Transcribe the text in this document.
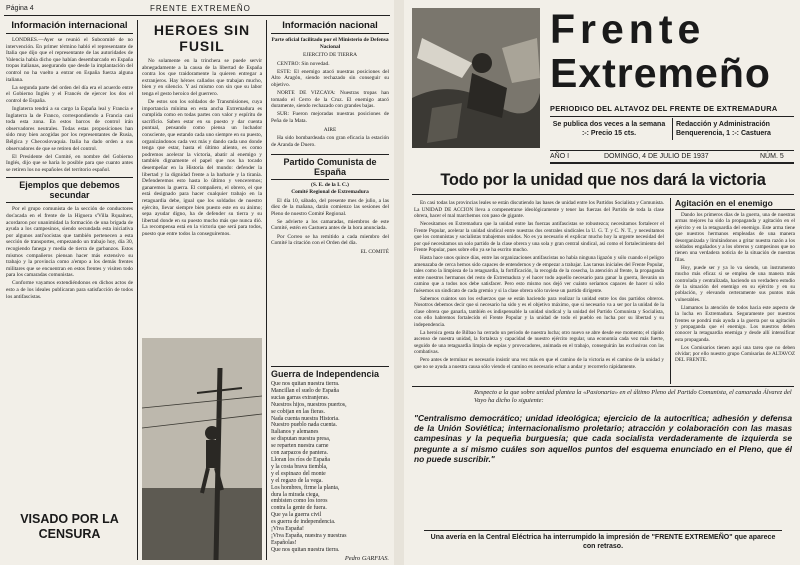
Página 4	FRENTE EXTREMEÑO
Información internacional

LONDRES.—Ayer se reunió el Subcomité de no intervención. En primer término habló el representante de Italia que dijo que el representante de las autoridades de Valencia había dicho que habían desembarcado en España tropas italianas, asegurando que desde la implantación del control no ha vuelto a entrar en España fuerza alguna italiana.

La segunda parte del orden del día era el acuerdo entre el Gobierno Inglés y el Francés de ejercer los dos el control de España.

Inglaterra tendrá a su cargo la España leal y Francia e Inglaterra la de Franco, correspondiendo a Francia casi toda esta zona. En estos barcos de control irán observadores neutrales. Todas estas proposiciones han sido muy bien acogidas por los representantes de Rusia, Bélgica y Checoslovaquia. Italia ha dado orden a sus observadores de que se retiren del control.

El Presidente del Comité, en nombre del Gobierno Inglés, dijo que se haría lo posible para que cuanto antes se retiren los no españoles del territorio español.

Ejemplos que debemos secundar

Por el grupo comunista de la sección de conductores dos'acada en el frente de la Higuera s'Villa Rqualnez, acordaron por unanimidad la formación de una brigada de ayuda a los campesinos, siendo secundada esta iniciativa por algunos anti'socistas que también pertenecen a esta sección de transportes, empezando un trabajo hoy, día 30, recogiendo fanega y media de tierra de garbanzos. Estos mismos compañeros piensan hacer más extensivo su trabajo y la provincia como a'empo a los demás frentes militares que se encuentran en estos frentes y visiten todo para los camaradas comunistas.

Conforme vayamos extendiéndonos en dichos actos de esto a de los ideales publicaran para satisfacción de todos los antifascistas.

VISADO POR LA CENSURA
HEROES SIN FUSIL

No solamente en la trinchera se puede servir abnegadamente a la causa de la libertad de España contra los que traidoramente la quieren entregar a extranjeros. Hay héroes callados que trabajan mucho, bien y en silencio. Y así mismo con sin que su labor tenga el gesto heroico del guerrero.

De estos son los soldados de Transmisiones, cuya importancia mínima en esta ancha Extremadura es cumplida como en todas partes con valor y espíritu de sacrificio. Saben estar en su puesto y dar cuenta puntual, pensando como piensa un luchador consciente, que estando cada uno siempre en su puesto, organizándonos cada vez más y dando cada uno donde tenga que estar, hasta el último aliento, es como podremos acelerar la victoria, abatir al enemigo y también dignamente el papel que nos ha tocado desempeñar en la Historia del mundo: defender la libertad y la dignidad frente a la barbarie y la tiranía. Defenderemos esto hasta lo último y venceremos; ganaremos la guerra. El compañero, el obrero, el que está designado para hacer cualquier trabajo en la retaguardia debe, igual que los soldados de nuestro ejército, llevar siempre bien puesto este en su ánimo; sepa ayudar digno, ha de defender su tierra y su libertad donde en su puesto mucho más que nunca dió. La recompensa está en la victoria que será para todos, puesto que entre todos la conseguiremos.

Información nacional
Parte oficial facilitado por el Ministerio de Defensa Nacional
EJERCITO DE TIERRA

CENTRO: Sin novedad.

ESTE: El enemigo atacó nuestras posiciones del Alto Aragón, siendo rechazado sin conseguir su objetivo.

NORTE DE VIZCAYA: Nuestras tropas han tomado el Cerro de la Cruz. El enemigo atacó duramente, siendo rechazado con grandes bajas.

SUR: Fueron mejoradas nuestras posiciones de Peña de la Mata.

AIRE
Ha sido bombardeada con gran eficacia la estación de Aranda de Duero.
Partido Comunista de España
(S. E. de la I. C.)
Comité Regional de Extremadura

El día 10, sábado, del presente mes de julio, a las diez de la mañana, darán comienzo las sesiones del Pleno de nuestro Comité Regional.

Se advierte a los camaradas, miembros de este Comité, estén en Castuera antes de la hora anunciada.

Por Correo se ha remitido a cada miembro del Comité la citación con el Orden del día.

EL COMITÉ
Guerra de Independencia
Que nos quitan nuestra tierra.
Mancillan el suelo de España
sucias garras extranjeras.
Nuestros hijos, nuestros puertos,
se cobijan en las fieras.
Nada cuenta nuestra Historia.
Nuestro pueblo nada cuenta.
Italianos y alemanes
se disputan nuestra presa,
se reparten nuestra carne
con zarpazos de pantera.
Lloran los ríos de España
y la costa brava tiembla,
y el espinazo del monte
y el regazo de la vega.
Los hombres, firme la planta,
dura la mirada ciega,
embisten como los toros
contra la gente de fuera.
Que ya la guerra civil
es guerra de independencia.
¡Viva España!
¡Viva España, nuestra y nuestras
Españolas!
Que nos quitan nuestra tierra.
Pedro GARFIAS.
Frente
Extremeño
PERIODICO DEL ALTAVOZ DEL FRENTE DE EXTREMADURA
Se publica dos veces a la semana :-: Precio 15 cts.
Redacción y Administración Benquerencia, 1 :-: Castuera
AÑO I	DOMINGO, 4 DE JULIO DE 1937	NÚM. 5
Todo por la unidad que nos dará la victoria

En casi todas las provincias leales se están discutiendo las bases de unidad entre los Partidos Socialista y Comunista. La UNIDAD DE ACCION lleva a compenetrarse ideológicamente y tener las fuerzas del Partido de toda la clase obrera, hacer el mal marchemos con paso de gigante.

Necesitamos en Extremadura que la unidad entre las fuerzas antifascistas se robustezca; necesitamos fortalecer el Frente Popular, acelerar la unidad sindical entre nuestras dos centrales sindicales la U. G. T. y C. N. T., y necesitamos que los comunistas y socialistas trabajemos unidos. No es ya necesario el explicar mucho hoy la urgente necesidad del por qué necesitamos un solo partido de la clase obrera y una sola y gran central sindical, así como el fortalecimiento del Frente Popular, pues sobre ello ya se ha escrito mucho.

Hasta hace unos quince días, entre las organizaciones antifascistas no había ninguna ligazón y sólo cuando el peligro amenazaba de cerca hemos sido capaces de entendernos y de empezar a trabajar. Las tareas iniciales del Frente Popular, tales como la limpieza de la retaguardia, la fortificación, la recogida de la cosecha, la atención al frente, la propaganda entre nuestros hermanos del resto de Extremadura y el hacer todo aquello necesario para ganar la guerra, llevarán un camino que a todos nos debe satisfacer. Pero esto mismo nos dejó ver cuánto seríamos capaces de hacer si sólo fuésemos un sindicato de cada gremio y si la clase obrera sólo tuviese un partido dirigente.

Sabemos cuántos son los esfuerzos que se están haciendo para realizar la unidad entre los dos partidos obreros. Nosotros debemos decir que si necesario ha sido y es el objetivo máximo, que si necesario va a ser por la unidad de la clase obrera que ganarla, también es indispensable la unidad sindical y la unidad del Partido Comunista y Socialista, con ello habremos fortalecido el Frente Popular y la unidad de todo el pueblo en lucha por su libertad y su independencia.

La heroica gesta de Bilbao ha cerrado un período de nuestra lucha; otro nuevo se abre desde ese momento; el rápido ascenso de nuestra unidad, la fortaleza y capacidad de nuestro ejército regular, una economía cada vez más fuerte, seguido de una retaguardia limpia de espías y provocadores, animada en el trabajo, conseguirán las exclusivas con las combativas.

Pero antes de terminar es necesario insistir una vez más en que el camino de la victoria es el camino de la unidad y que no se ayuda a nuestra causa sólo viendo el camino es necesario echar a andar y recorrerlo rápidamente.

Agitación en el enemigo

Dando los primeros días de la guerra, una de nuestras armas mejores ha sido la propaganda y agitación en el ejército y en la retaguardia del enemigo. Este arma tiene que nuestros hermanos empleadas de una manera desorganizada y limitándonos a gritar nuestra razón a los soldados engañados y a los obreros y campesinos que no tienen una verdadera noticia de la situación de nuestras filas.

Hoy, puede ser y ya lo va siendo, un instrumento mucho más eficaz si se emplea de una manera más controlada y centralizada, haciendo un verdadero estudio de la situación del enemigo en su ejército y en su población, y elevando certeramente sus puntos más vulnerables.

Llamamos la atención de todos hacia este aspecto de la lucha en Extremadura. Seguramente por nuestros frentes se pondrá más ayuda a la guerra por su agitación y propaganda que el enemigo. Los nuestros deben conocer la retaguardia enemiga y desde allí intensificar esta propaganda.

Los Comisarios tienen aquí una tarea que no deben olvidar; por ello nuestro grupo Comisarías de ALTAVOZ DEL FRENTE.

Respecto a la que sobre unidad plantea la «Pasionaria» en el último Pleno del Partido Comunista, el camarada Álvarez del Vayo ha dicho lo siguiente:
"Centralismo democrático; unidad ideológica; ejercicio de la autocrítica; adhesión y defensa de la Unión Soviética; internacionalismo proletario; atracción y colaboración con las masas campesinas y la pequeña burguesía; que cada socialista verdaderamente de izquierda se pregunte a sí mismo cuáles son aquellos puntos del esquema enunciado en el Pleno, que él no puede suscribir."
Una avería en la Central Eléctrica ha interrumpido la impresión de "FRENTE EXTREMEÑO" que aparece con retraso.
